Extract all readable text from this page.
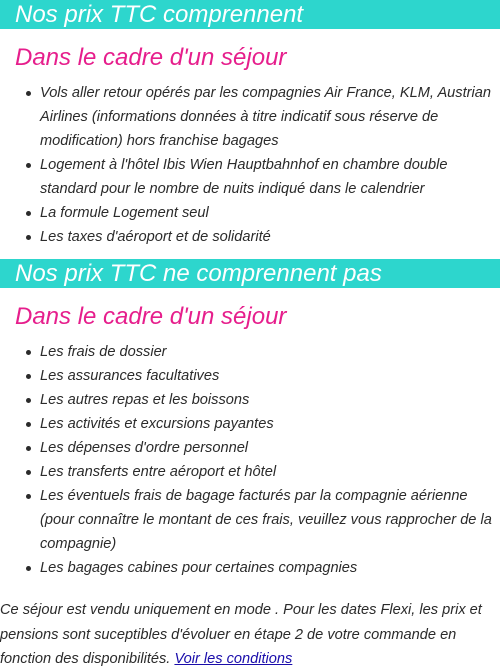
Nos prix TTC comprennent
Dans le cadre d'un séjour
Vols aller retour opérés par les compagnies Air France, KLM, Austrian Airlines (informations données à titre indicatif sous réserve de modification) hors franchise bagages
Logement à l'hôtel Ibis Wien Hauptbahnhof en chambre double standard pour le nombre de nuits indiqué dans le calendrier
La formule Logement seul
Les taxes d'aéroport et de solidarité
Nos prix TTC ne comprennent pas
Dans le cadre d'un séjour
Les frais de dossier
Les assurances facultatives
Les autres repas et les boissons
Les activités et excursions payantes
Les dépenses d'ordre personnel
Les transferts entre aéroport et hôtel
Les éventuels frais de bagage facturés par la compagnie aérienne (pour connaître le montant de ces frais, veuillez vous rapprocher de la compagnie)
Les bagages cabines pour certaines compagnies

Ce séjour est vendu uniquement en mode . Pour les dates Flexi, les prix et pensions sont suceptibles d'évoluer en étape 2 de votre commande en fonction des disponibilités. Voir les conditions
